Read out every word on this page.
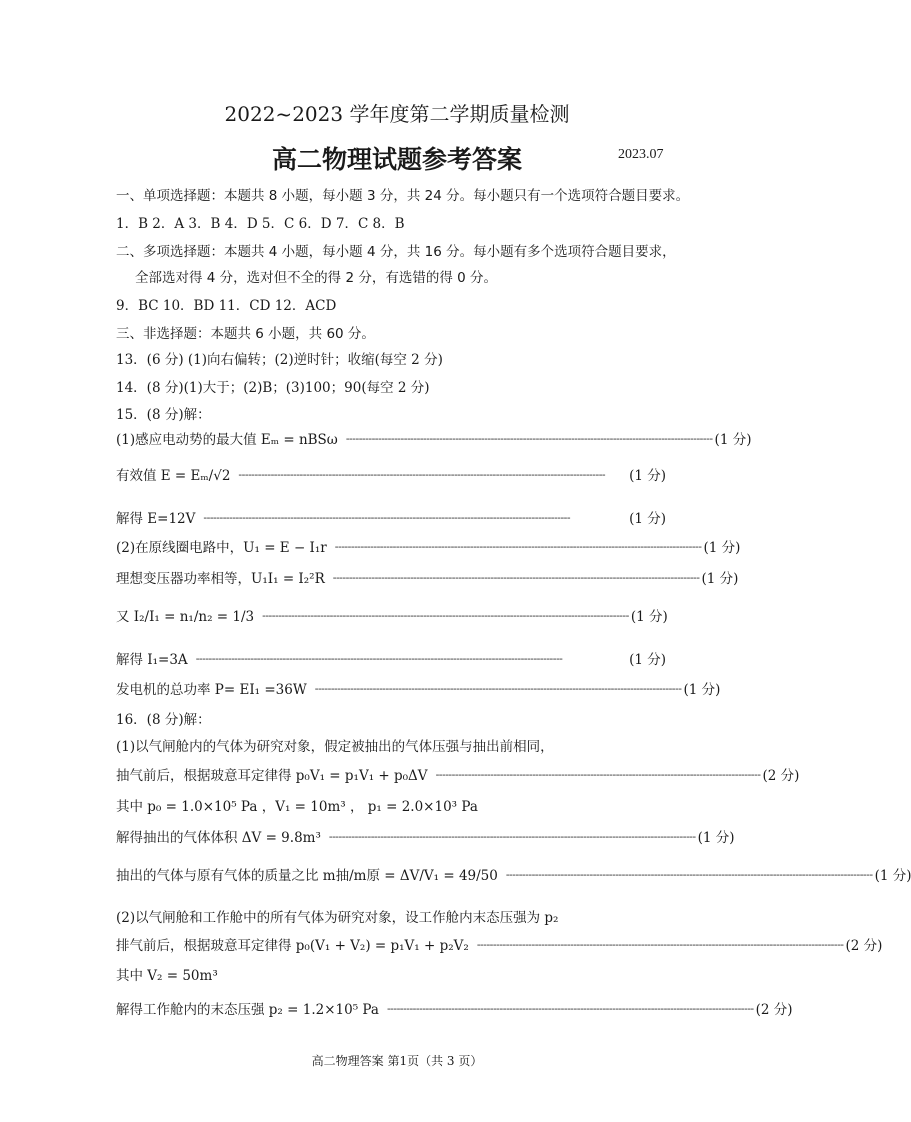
2022~2023 学年度第二学期质量检测
高二物理试题参考答案	2023.07
一、单项选择题：本题共 8 小题，每小题 3 分，共 24 分。每小题只有一个选项符合题目要求。
1．B 2．A 3．B 4．D 5．C 6．D 7．C 8．B
二、多项选择题：本题共 4 小题，每小题 4 分，共 16 分。每小题有多个选项符合题目要求，
全部选对得 4 分，选对但不全的得 2 分，有选错的得 0 分。
9．BC 10．BD 11．CD 12．ACD
三、非选择题：本题共 6 小题，共 60 分。
13．(6 分) (1)向右偏转；(2)逆时针；收缩(每空 2 分)
14．(8 分)(1)大于；(2)B；(3)100；90(每空 2 分)
15．(8 分)解：
(1)感应电动势的最大值 Eₘ = nBSω ------------------------------------------------------------------------------------------------------------------ (1 分)
有效值 E = Eₘ/√2 ------------------------------------------------------------------------------------------------------------------	(1 分)
解得 E=12V ------------------------------------------------------------------------------------------------------------------	(1 分)
(2)在原线圈电路中，U₁ = E − I₁r ------------------------------------------------------------------------------------------------------------------ (1 分)
理想变压器功率相等，U₁I₁ = I₂²R ------------------------------------------------------------------------------------------------------------------ (1 分)
又 I₂/I₁ = n₁/n₂ = 1/3 ------------------------------------------------------------------------------------------------------------------ (1 分)
解得 I₁=3A ------------------------------------------------------------------------------------------------------------------	(1 分)
发电机的总功率 P= EI₁ =36W ------------------------------------------------------------------------------------------------------------------ (1 分)
16．(8 分)解：
(1)以气闸舱内的气体为研究对象，假定被抽出的气体压强与抽出前相同，
抽气前后，根据玻意耳定律得 p₀V₁ = p₁V₁ + p₀ΔV ----------------------------------------------------------------------------------------------------- (2 分)
其中 p₀ = 1.0×10⁵ Pa ，V₁ = 10m³ ， p₁ = 2.0×10³ Pa
解得抽出的气体体积 ΔV = 9.8m³ ------------------------------------------------------------------------------------------------------------------ (1 分)
抽出的气体与原有气体的质量之比 m抽/m原 = ΔV/V₁ = 49/50 ------------------------------------------------------------------------------------------------------------------ (1 分)
(2)以气闸舱和工作舱中的所有气体为研究对象，设工作舱内末态压强为 p₂
排气前后，根据玻意耳定律得 p₀(V₁ + V₂) = p₁V₁ + p₂V₂ ------------------------------------------------------------------------------------------------------------------ (2 分)
其中 V₂ = 50m³
解得工作舱内的末态压强 p₂ = 1.2×10⁵ Pa ------------------------------------------------------------------------------------------------------------------ (2 分)
高二物理答案 第1页（共 3 页）
